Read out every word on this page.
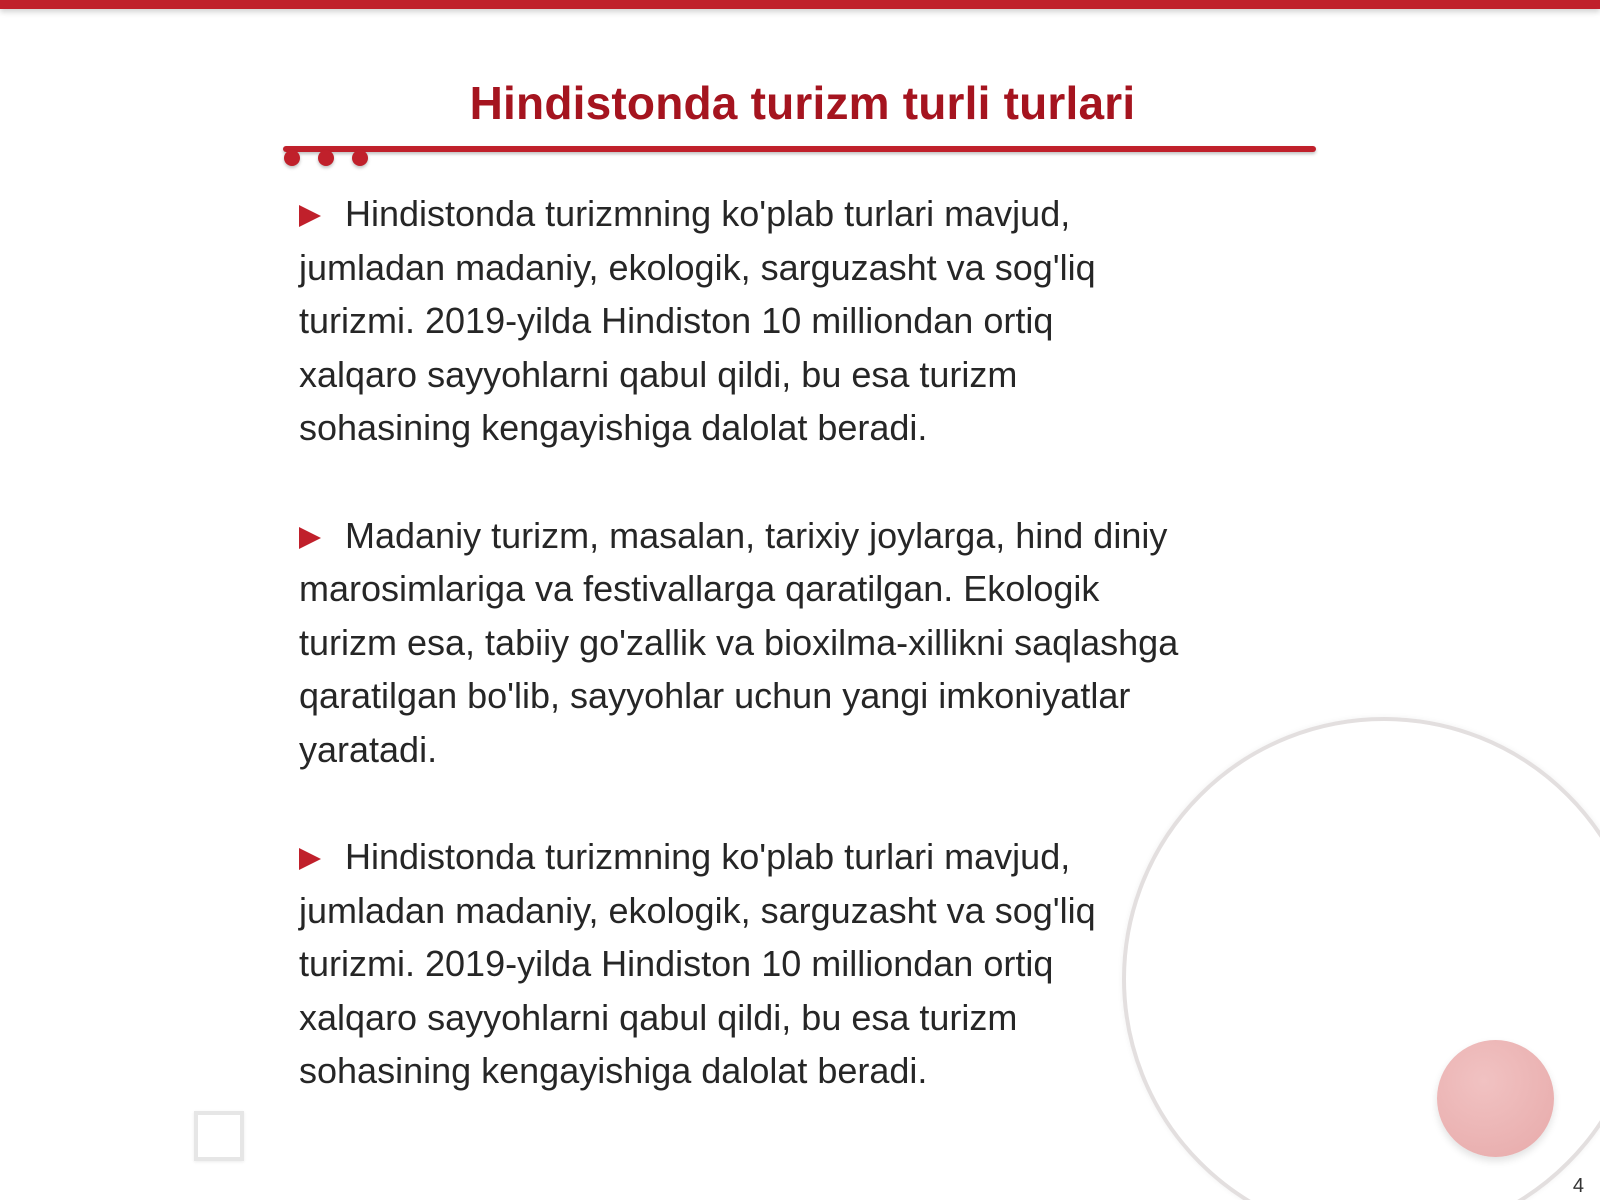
Hindistonda turizm turli turlari

Hindistonda turizmning ko'plab turlari mavjud,
jumladan madaniy, ekologik, sarguzasht va sog'liq
turizmi. 2019-yilda Hindiston 10 milliondan ortiq
xalqaro sayyohlarni qabul qildi, bu esa turizm
sohasining kengayishiga dalolat beradi.

Madaniy turizm, masalan, tarixiy joylarga, hind diniy
marosimlariga va festivallarga qaratilgan. Ekologik
turizm esa, tabiiy go'zallik va bioxilma-xillikni saqlashga
qaratilgan bo'lib, sayyohlar uchun yangi imkoniyatlar
yaratadi.

Hindistonda turizmning ko'plab turlari mavjud,
jumladan madaniy, ekologik, sarguzasht va sog'liq
turizmi. 2019-yilda Hindiston 10 milliondan ortiq
xalqaro sayyohlarni qabul qildi, bu esa turizm
sohasining kengayishiga dalolat beradi.

4
